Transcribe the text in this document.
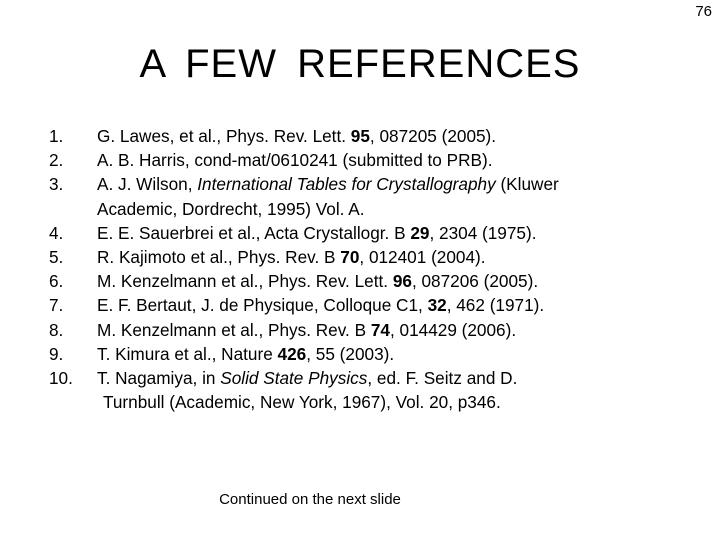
76
A FEW REFERENCES
1. G. Lawes, et al., Phys. Rev. Lett. 95, 087205 (2005).
2. A. B. Harris, cond-mat/0610241 (submitted to PRB).
3. A. J. Wilson, International Tables for Crystallography (Kluwer
Academic, Dordrecht, 1995) Vol. A.
4. E. E. Sauerbrei et al., Acta Crystallogr. B 29, 2304 (1975).
5. R. Kajimoto et al., Phys. Rev. B 70, 012401 (2004).
6. M. Kenzelmann et al., Phys. Rev. Lett. 96, 087206 (2005).
7. E. F. Bertaut, J. de Physique, Colloque C1, 32, 462 (1971).
8. M. Kenzelmann et al., Phys. Rev. B 74, 014429 (2006).
9. T. Kimura et al., Nature 426, 55 (2003).
10. T. Nagamiya, in Solid State Physics, ed. F. Seitz and D.
Turnbull (Academic, New York, 1967), Vol. 20, p346.
Continued on the next slide
